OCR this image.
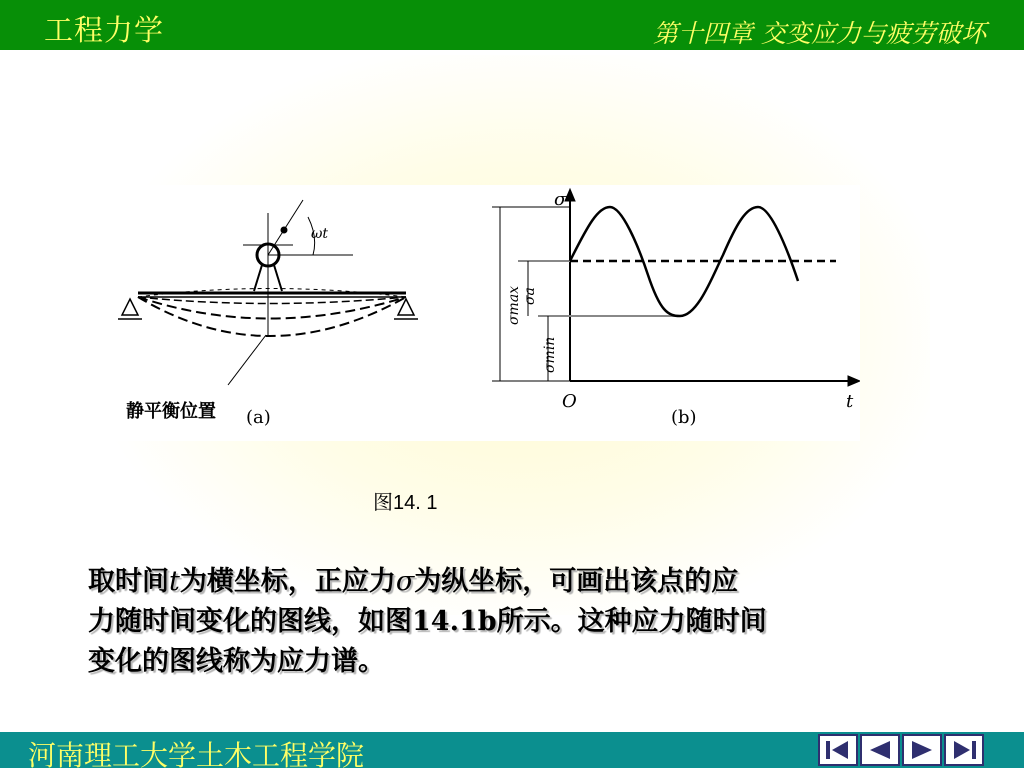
工程力学	第十四章 交变应力与疲劳破坏
ωt
静平衡位置 (a)
σ
t
O
σmax σa
σmin
(b)
图14. 1
取时间t为横坐标，正应力σ为纵坐标，可画出该点的应
力随时间变化的图线，如图14.1b所示。这种应力随时间
变化的图线称为应力谱。
河南理工大学土木工程学院
